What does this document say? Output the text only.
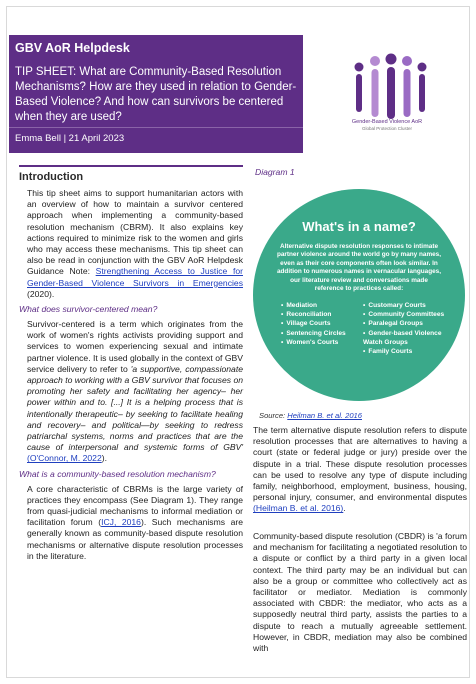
GBV AoR Helpdesk
TIP SHEET: What are Community-Based Resolution Mechanisms? How are they used in relation to Gender-Based Violence? And how can survivors be centered when they are used?
Emma Bell | 21 April 2023
Gender-Based Violence AoR
Global Protection Cluster
Introduction

This tip sheet aims to support humanitarian actors with an overview of how to maintain a survivor centered approach when implementing a community-based resolution mechanism (CBRM). It also explains key actions required to minimize risk to the women and girls who may access these mechanisms. This tip sheet can also be read in conjunction with the GBV AoR Helpdesk Guidance Note: Strengthening Access to Justice for Gender-Based Violence Survivors in Emergencies (2020).

What does survivor-centered mean?

Survivor-centered is a term which originates from the work of women's rights activists providing support and services to women experiencing sexual and intimate partner violence. It is used globally in the context of GBV service delivery to refer to 'a supportive, compassionate approach to working with a GBV survivor that focuses on promoting her safety and facilitating her agency– her power within and to. [...] It is a helping process that is intentionally therapeutic– by seeking to facilitate healing and recovery– and political—by seeking to redress patriarchal systems, norms and practices that are the cause of interpersonal and systemic forms of GBV' (O'Connor, M. 2022).

What is a community-based resolution mechanism?

A core characteristic of CBRMs is the large variety of practices they encompass (See Diagram 1). They range from quasi-judicial mechanisms to informal mediation or facilitation forum (ICJ, 2016). Such mechanisms are generally known as community-based dispute resolution mechanisms or alternative dispute resolution processes in the literature.

Diagram 1
What's in a name?
Alternative dispute resolution responses to intimate partner violence around the world go by many names, even as their core components often look similar. In addition to numerous names in vernacular languages, our literature review and conversations made reference to practices called:
• Mediation
• Reconciliation
• Village Courts
• Sentencing Circles
• Women's Courts
• Customary Courts
• Community Committees
• Paralegal Groups
• Gender-based Violence Watch Groups
• Family Courts
Source: Heilman B. et al. 2016

The term alternative dispute resolution refers to dispute resolution processes that are alternatives to having a court (state or federal judge or jury) preside over the dispute in a trial. These dispute resolution processes can be used to resolve any type of dispute including family, neighborhood, employment, business, housing, personal injury, consumer, and environmental disputes (Heilman B. et al. 2016).

Community-based dispute resolution (CBDR) is 'a forum and mechanism for facilitating a negotiated resolution to a dispute or conflict by a third party in a given local context. The third party may be an individual but can also be a group or committee who collectively act as facilitator or mediator. Mediation is commonly associated with CBDR: the mediator, who acts as a supposedly neutral third party, assists the parties to a dispute to reach a mutually agreeable settlement. However, in CBDR, mediation may also be combined with
